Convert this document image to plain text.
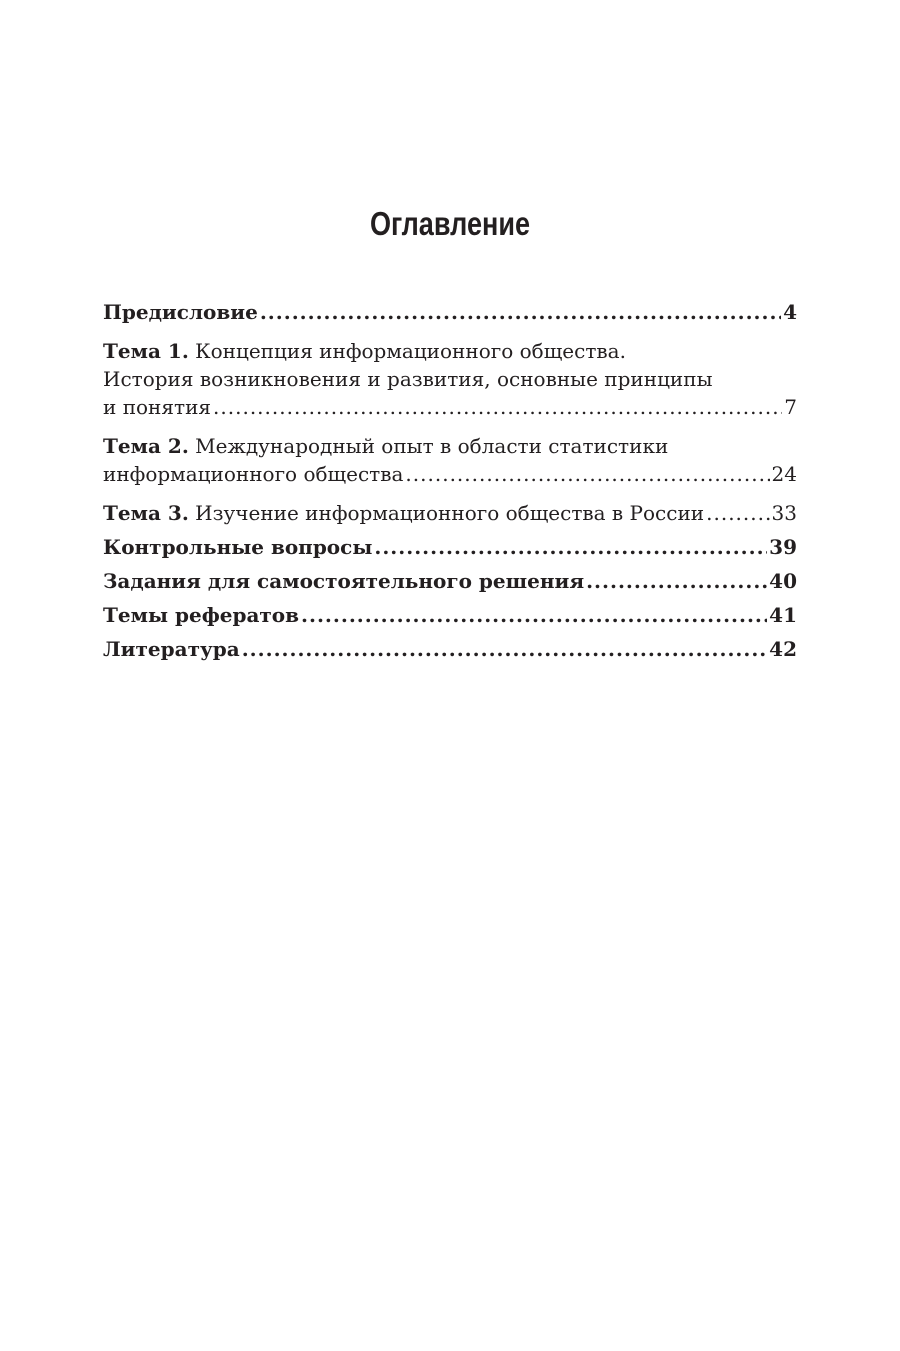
Оглавление
Предисловие .....	4
Тема 1. Концепция информационного общества.
История возникновения и развития, основные принципы
и понятия .....	7
Тема 2. Международный опыт в области статистики
информационного общества .....	24
Тема 3. Изучение информационного общества в России .....	33
Контрольные вопросы .....	39
Задания для самостоятельного решения .....	40
Темы рефератов .....	41
Литература .....	42
